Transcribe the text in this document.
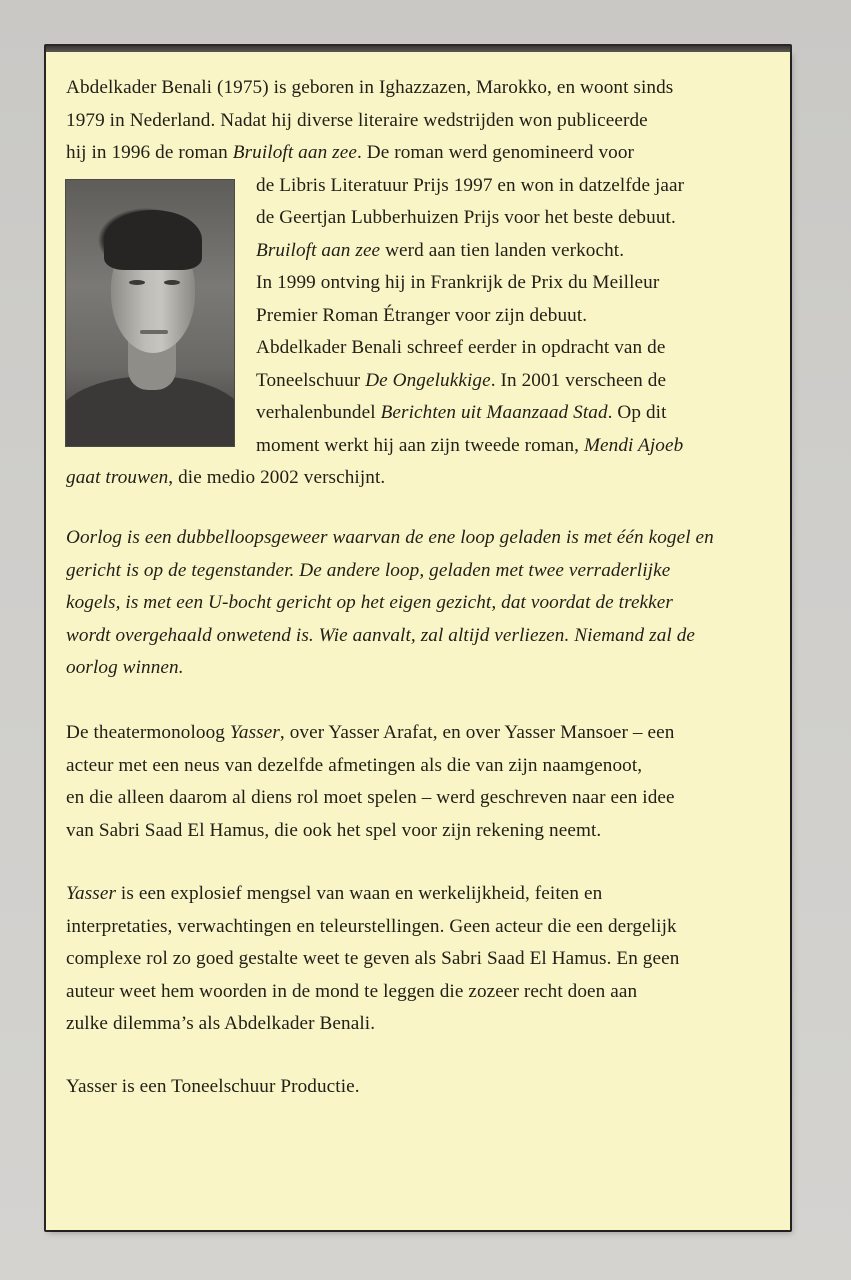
Abdelkader Benali (1975) is geboren in Ighazzazen, Marokko, en woont sinds
1979 in Nederland. Nadat hij diverse literaire wedstrijden won publiceerde
hij in 1996 de roman Bruiloft aan zee. De roman werd genomineerd voor
de Libris Literatuur Prijs 1997 en won in datzelfde jaar
de Geertjan Lubberhuizen Prijs voor het beste debuut.
Bruiloft aan zee werd aan tien landen verkocht.
In 1999 ontving hij in Frankrijk de Prix du Meilleur
Premier Roman Étranger voor zijn debuut.
Abdelkader Benali schreef eerder in opdracht van de
Toneelschuur De Ongelukkige. In 2001 verscheen de
verhalenbundel Berichten uit Maanzaad Stad. Op dit
moment werkt hij aan zijn tweede roman, Mendi Ajoeb
gaat trouwen, die medio 2002 verschijnt.
Oorlog is een dubbelloopsgeweer waarvan de ene loop geladen is met één kogel en
gericht is op de tegenstander. De andere loop, geladen met twee verraderlijke
kogels, is met een U-bocht gericht op het eigen gezicht, dat voordat de trekker
wordt overgehaald onwetend is. Wie aanvalt, zal altijd verliezen. Niemand zal de
oorlog winnen.
De theatermonoloog Yasser, over Yasser Arafat, en over Yasser Mansoer – een
acteur met een neus van dezelfde afmetingen als die van zijn naamgenoot,
en die alleen daarom al diens rol moet spelen – werd geschreven naar een idee
van Sabri Saad El Hamus, die ook het spel voor zijn rekening neemt.
Yasser is een explosief mengsel van waan en werkelijkheid, feiten en
interpretaties, verwachtingen en teleurstellingen. Geen acteur die een dergelijk
complexe rol zo goed gestalte weet te geven als Sabri Saad El Hamus. En geen
auteur weet hem woorden in de mond te leggen die zozeer recht doen aan
zulke dilemma’s als Abdelkader Benali.
Yasser is een Toneelschuur Productie.
